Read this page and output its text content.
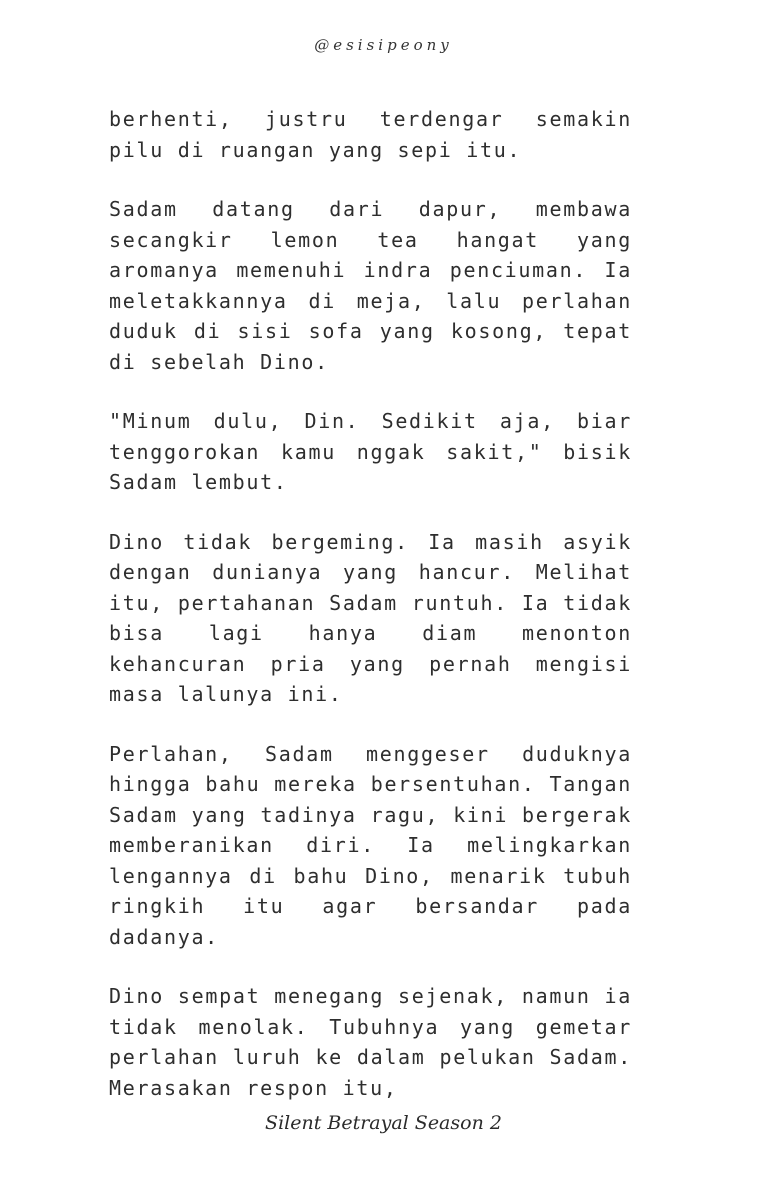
@esisipeony

berhenti, justru terdengar semakin pilu di ruangan yang sepi itu.

Sadam datang dari dapur, membawa secangkir lemon tea hangat yang aromanya memenuhi indra penciuman. Ia meletakkannya di meja, lalu perlahan duduk di sisi sofa yang kosong, tepat di sebelah Dino.

"Minum dulu, Din. Sedikit aja, biar tenggorokan kamu nggak sakit," bisik Sadam lembut.

Dino tidak bergeming. Ia masih asyik dengan dunianya yang hancur. Melihat itu, pertahanan Sadam runtuh. Ia tidak bisa lagi hanya diam menonton kehancuran pria yang pernah mengisi masa lalunya ini.

Perlahan, Sadam menggeser duduknya hingga bahu mereka bersentuhan. Tangan Sadam yang tadinya ragu, kini bergerak memberanikan diri. Ia melingkarkan lengannya di bahu Dino, menarik tubuh ringkih itu agar bersandar pada dadanya.

Dino sempat menegang sejenak, namun ia tidak menolak. Tubuhnya yang gemetar perlahan luruh ke dalam pelukan Sadam. Merasakan respon itu,

Silent Betrayal Season 2
